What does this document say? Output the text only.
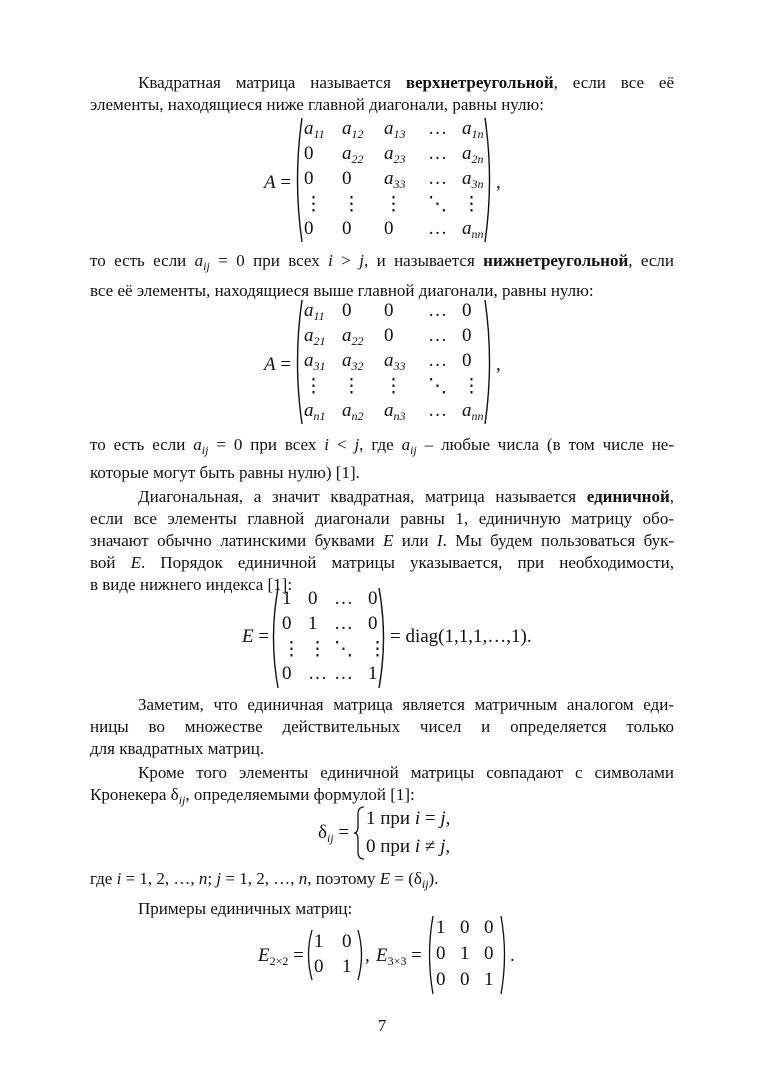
Квадратная матрица называется верхнетреугольной, если все её
элементы, находящиеся ниже главной диагонали, равны нулю:
A =
$a_{11}$ $a_{12}$ $a_{13}$ … $a_{1n}$
0 $a_{22}$ $a_{23}$ … $a_{2n}$
0 0 $a_{33}$ … $a_{3n}$
⋮ ⋮ ⋮ ⋱ ⋮
0 0 0 … $a_{nn}$
,
то есть если $a_{ij} = 0$ при всех i > j, и называется нижнетреугольной, если
все её элементы, находящиеся выше главной диагонали, равны нулю:
A =
$a_{11}$ 0 0 … 0
$a_{21}$ $a_{22}$ 0 … 0
$a_{31}$ $a_{32}$ $a_{33}$ … 0
⋮ ⋮ ⋮ ⋱ ⋮
$a_{n1}$ $a_{n2}$ $a_{n3}$ … $a_{nn}$
,
то есть если $a_{ij} = 0$ при всех i < j, где $a_{ij}$ – любые числа (в том числе не-
которые могут быть равны нулю) [1].
Диагональная, а значит квадратная, матрица называется единичной,
если все элементы главной диагонали равны 1, единичную матрицу обо-
значают обычно латинскими буквами E или I. Мы будем пользоваться бук-
вой E. Порядок единичной матрицы указывается, при необходимости,
в виде нижнего индекса [1]:
E =
1 0 … 0
0 1 … 0
⋮ ⋮ ⋱ ⋮
0 … … 1
= diag(1,1,1,…,1).
Заметим, что единичная матрица является матричным аналогом еди-
ницы во множестве действительных чисел и определяется только
для квадратных матриц.
Кроме того элементы единичной матрицы совпадают с символами
Кронекера $\delta_{ij}$, определяемыми формулой [1]:
$\delta_{ij}$ =
1 при i = j,
0 при i ≠ j,
где i = 1, 2, …, n; j = 1, 2, …, n, поэтому $E = (\delta_{ij})$.
Примеры единичных матриц:
$E_{2\times 2}$ =
1 0
0 1
, $E_{3\times 3}$ =
1 0 0
0 1 0
0 0 1
.
7
